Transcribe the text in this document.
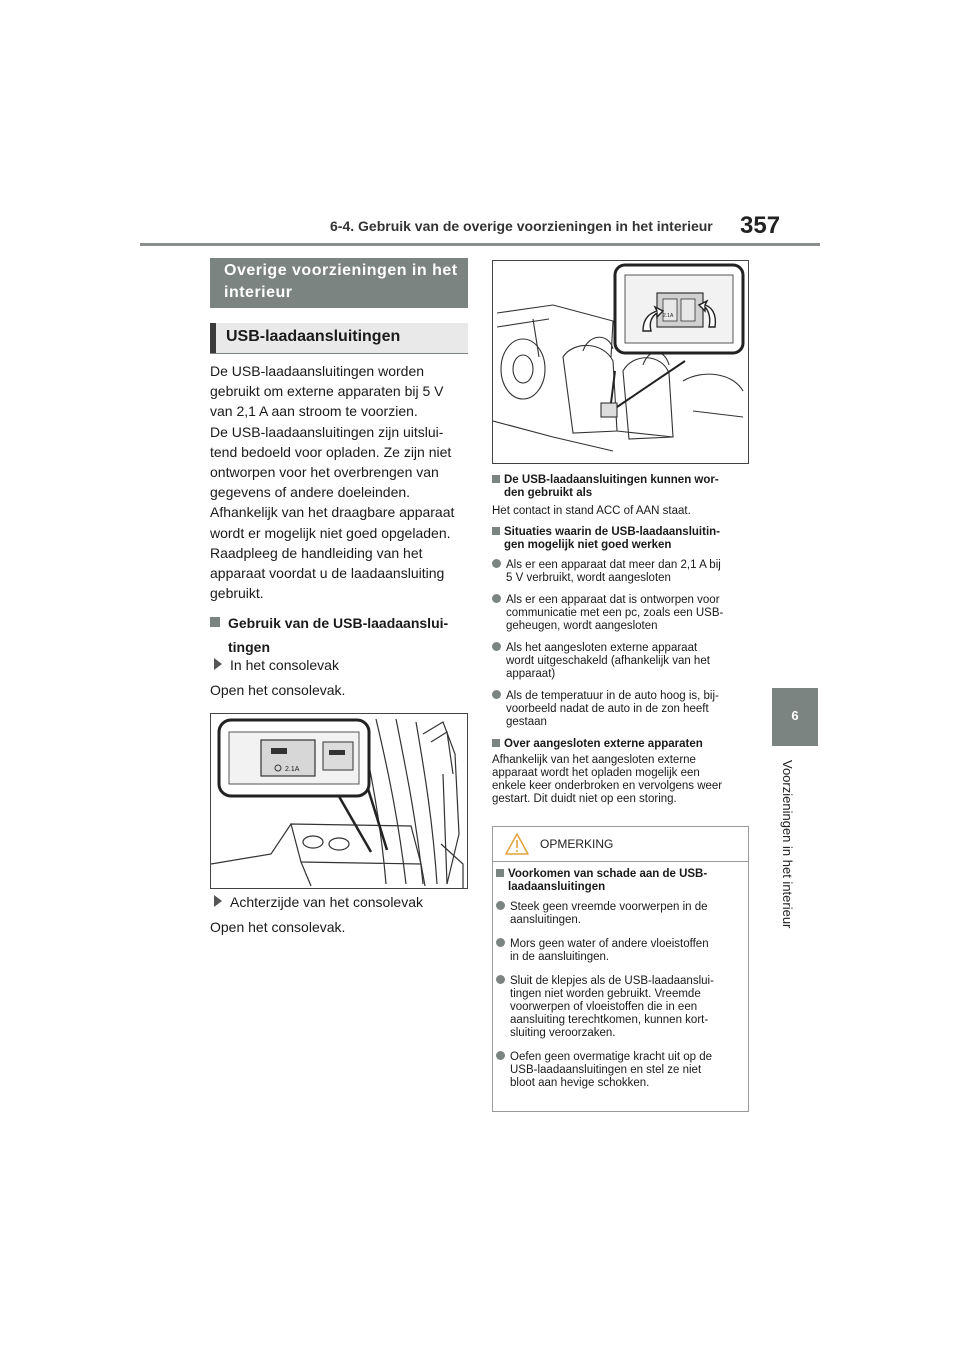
6-4. Gebruik van de overige voorzieningen in het interieur 357
6
Voorzieningen in het interieur
Overige voorzieningen in het interieur
USB-laadaansluitingen

De USB-laadaansluitingen worden

gebruikt om externe apparaten bij 5 V

van 2,1 A aan stroom te voorzien.

De USB-laadaansluitingen zijn uitslui-

tend bedoeld voor opladen. Ze zijn niet

ontworpen voor het overbrengen van

gegevens of andere doeleinden.

Afhankelijk van het draagbare apparaat

wordt er mogelijk niet goed opgeladen.

Raadpleeg de handleiding van het

apparaat voordat u de laadaansluiting

gebruikt.

Gebruik van de USB-laadaanslui-
tingen
In het consolevak
Open het consolevak.
2.1A
Achterzijde van het consolevak
Open het consolevak.
2.1A
De USB-laadaansluitingen kunnen wor-
den gebruikt als
Het contact in stand ACC of AAN staat.
Situaties waarin de USB-laadaansluitin-
gen mogelijk niet goed werken
Als er een apparaat dat meer dan 2,1 A bij
5 V verbruikt, wordt aangesloten
Als er een apparaat dat is ontworpen voor
communicatie met een pc, zoals een USB-
geheugen, wordt aangesloten
Als het aangesloten externe apparaat
wordt uitgeschakeld (afhankelijk van het
apparaat)
Als de temperatuur in de auto hoog is, bij-
voorbeeld nadat de auto in de zon heeft
gestaan
Over aangesloten externe apparaten
Afhankelijk van het aangesloten externe
apparaat wordt het opladen mogelijk een
enkele keer onderbroken en vervolgens weer
gestart. Dit duidt niet op een storing.
OPMERKING
Voorkomen van schade aan de USB-
laadaansluitingen
Steek geen vreemde voorwerpen in de
aansluitingen.
Mors geen water of andere vloeistoffen
in de aansluitingen.
Sluit de klepjes als de USB-laadaanslui-
tingen niet worden gebruikt. Vreemde
voorwerpen of vloeistoffen die in een
aansluiting terechtkomen, kunnen kort-
sluiting veroorzaken.
Oefen geen overmatige kracht uit op de
USB-laadaansluitingen en stel ze niet
bloot aan hevige schokken.
